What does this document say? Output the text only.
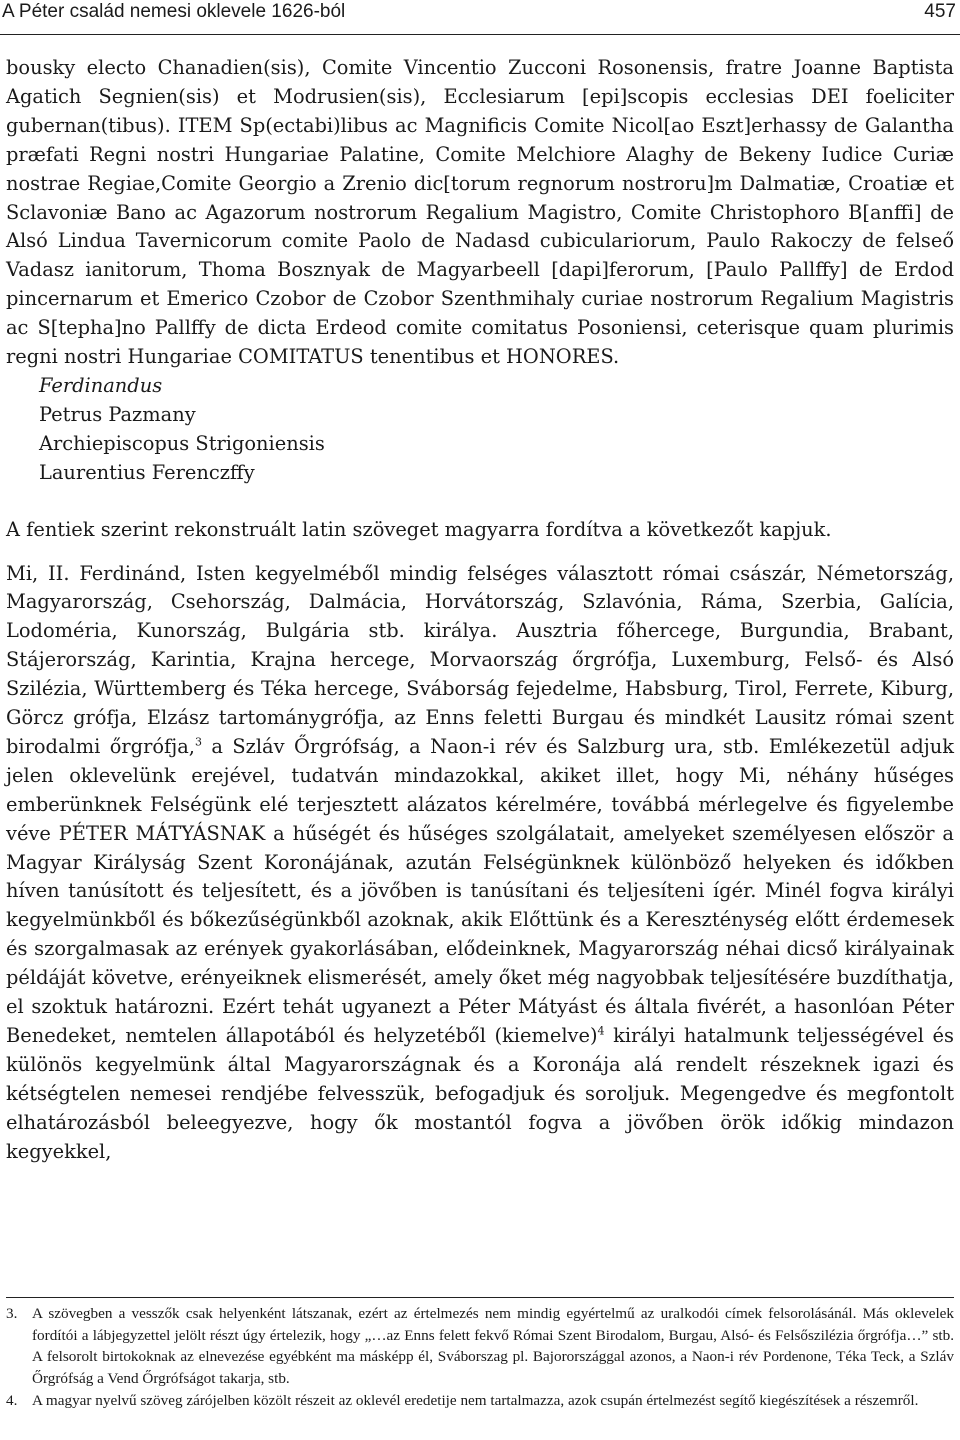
A Péter család nemesi oklevele 1626-ból	457

bousky electo Chanadien(sis), Comite Vincentio Zucconi Rosonensis, fratre Joanne Baptista Agatich Segnien(sis) et Modrusien(sis), Ecclesiarum [epi]scopis ecclesias DEI foeliciter gubernan(tibus). ITEM Sp(ectabi)libus ac Magnificis Comite Nicol[ao Eszt]erhassy de Galantha præfati Regni nostri Hungariae Palatine, Comite Melchiore Alaghy de Bekeny Iudice Curiæ nostrae Regiae,Comite Georgio a Zrenio dic[torum regnorum nostroru]m Dalmatiæ, Croatiæ et Sclavoniæ Bano ac Agazorum nostrorum Regalium Magistro, Comite Christophoro B[anffi] de Alsó Lindua Tavernicorum comite Paolo de Nadasd cubiculariorum, Paulo Rakoczy de felseő Vadasz ianitorum, Thoma Bosznyak de Magyarbeell [dapi]ferorum, [Paulo Pallffy] de Erdod pincernarum et Emerico Czobor de Czobor Szenthmihaly curiae nostrorum Regalium Magistris ac S[tepha]no Pallffy de dicta Erdeod comite comitatus Posoniensi, ceterisque quam plurimis regni nostri Hungariae COMITATUS tenentibus et HONORES.

Ferdinandus
Petrus Pazmany
Archiepiscopus Strigoniensis
Laurentius Ferenczffy

A fentiek szerint rekonstruált latin szöveget magyarra fordítva a következőt kapjuk.

Mi, II. Ferdinánd, Isten kegyelméből mindig felséges választott római császár, Németország, Magyarország, Csehország, Dalmácia, Horvátország, Szlavónia, Ráma, Szerbia, Galícia, Lodoméria, Kunország, Bulgária stb. királya. Ausztria főhercege, Burgundia, Brabant, Stájerország, Karintia, Krajna hercege, Morvaország őrgrófja, Luxemburg, Felső- és Alsó Szilézia, Württemberg és Téka hercege, Sváborság fejedelme, Habsburg, Tirol, Ferrete, Kiburg, Görcz grófja, Elzász tartománygrófja, az Enns feletti Burgau és mindkét Lausitz római szent birodalmi őrgrófja,$^3$ a Szláv Őrgrófság, a Naon-i rév és Salzburg ura, stb. Emlékezetül adjuk jelen oklevelünk erejével, tudatván mindazokkal, akiket illet, hogy Mi, néhány hűséges emberünknek Felségünk elé terjesztett alázatos kérelmére, továbbá mérlegelve és figyelembe véve PÉTER MÁTYÁSNAK a hűségét és hűséges szolgálatait, amelyeket személyesen először a Magyar Királyság Szent Koronájának, azután Felségünknek különböző helyeken és időkben híven tanúsított és teljesített, és a jövőben is tanúsítani és teljesíteni ígér. Minél fogva királyi kegyelmünkből és bőkezűségünkből azoknak, akik Előttünk és a Kereszténység előtt érdemesek és szorgalmasak az erények gyakorlásában, elődeinknek, Magyarország néhai dicső királyainak példáját követve, erényeiknek elismerését, amely őket még nagyobbak teljesítésére buzdíthatja, el szoktuk határozni. Ezért tehát ugyanezt a Péter Mátyást és általa fivérét, a hasonlóan Péter Benedeket, nemtelen állapotából és helyzetéből (kiemelve)$^4$ királyi hatalmunk teljességével és különös kegyelmünk által Magyarországnak és a Koronája alá rendelt részeknek igazi és kétségtelen nemesei rendjébe felvesszük, befogadjuk és soroljuk. Megengedve és megfontolt elhatározásból beleegyezve, hogy ők mostantól fogva a jövőben örök időkig mindazon kegyekkel,

3. A szövegben a vesszők csak helyenként látszanak, ezért az értelmezés nem mindig egyértelmű az uralkodói címek felsorolásánál. Más oklevelek fordítói a lábjegyzettel jelölt részt úgy értelezik, hogy „…az Enns felett fekvő Római Szent Birodalom, Burgau, Alsó- és Felsőszilézia őrgrófja…” stb. A felsorolt birtokoknak az elnevezése egyébként ma másképp él, Sváborszag pl. Bajorországgal azonos, a Naon-i rév Pordenone, Téka Teck, a Szláv Őrgrófság a Vend Őrgrófságot takarja, stb.
4. A magyar nyelvű szöveg zárójelben közölt részeit az oklevél eredetije nem tartalmazza, azok csupán értelmezést segítő kiegészítések a részemről.
